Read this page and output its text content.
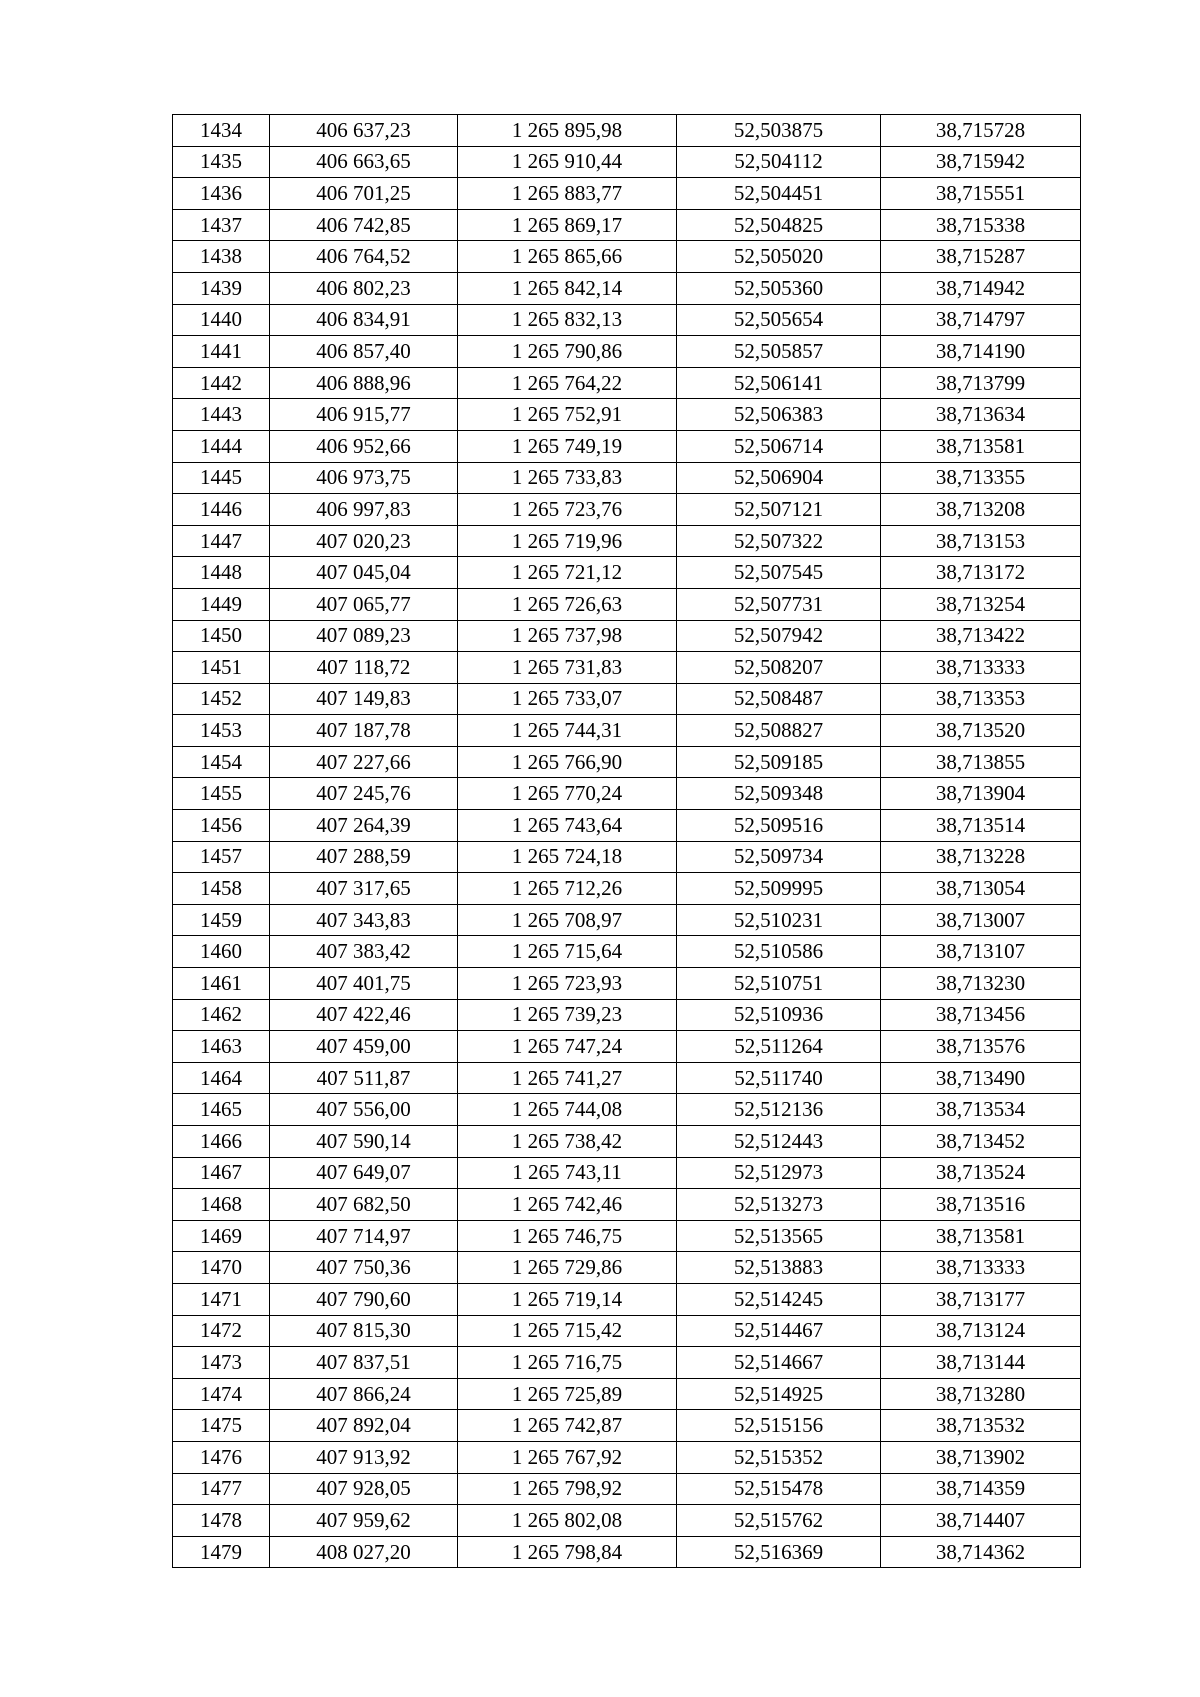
1434	406 637,23	1 265 895,98	52,503875	38,715728
1435	406 663,65	1 265 910,44	52,504112	38,715942
1436	406 701,25	1 265 883,77	52,504451	38,715551
1437	406 742,85	1 265 869,17	52,504825	38,715338
1438	406 764,52	1 265 865,66	52,505020	38,715287
1439	406 802,23	1 265 842,14	52,505360	38,714942
1440	406 834,91	1 265 832,13	52,505654	38,714797
1441	406 857,40	1 265 790,86	52,505857	38,714190
1442	406 888,96	1 265 764,22	52,506141	38,713799
1443	406 915,77	1 265 752,91	52,506383	38,713634
1444	406 952,66	1 265 749,19	52,506714	38,713581
1445	406 973,75	1 265 733,83	52,506904	38,713355
1446	406 997,83	1 265 723,76	52,507121	38,713208
1447	407 020,23	1 265 719,96	52,507322	38,713153
1448	407 045,04	1 265 721,12	52,507545	38,713172
1449	407 065,77	1 265 726,63	52,507731	38,713254
1450	407 089,23	1 265 737,98	52,507942	38,713422
1451	407 118,72	1 265 731,83	52,508207	38,713333
1452	407 149,83	1 265 733,07	52,508487	38,713353
1453	407 187,78	1 265 744,31	52,508827	38,713520
1454	407 227,66	1 265 766,90	52,509185	38,713855
1455	407 245,76	1 265 770,24	52,509348	38,713904
1456	407 264,39	1 265 743,64	52,509516	38,713514
1457	407 288,59	1 265 724,18	52,509734	38,713228
1458	407 317,65	1 265 712,26	52,509995	38,713054
1459	407 343,83	1 265 708,97	52,510231	38,713007
1460	407 383,42	1 265 715,64	52,510586	38,713107
1461	407 401,75	1 265 723,93	52,510751	38,713230
1462	407 422,46	1 265 739,23	52,510936	38,713456
1463	407 459,00	1 265 747,24	52,511264	38,713576
1464	407 511,87	1 265 741,27	52,511740	38,713490
1465	407 556,00	1 265 744,08	52,512136	38,713534
1466	407 590,14	1 265 738,42	52,512443	38,713452
1467	407 649,07	1 265 743,11	52,512973	38,713524
1468	407 682,50	1 265 742,46	52,513273	38,713516
1469	407 714,97	1 265 746,75	52,513565	38,713581
1470	407 750,36	1 265 729,86	52,513883	38,713333
1471	407 790,60	1 265 719,14	52,514245	38,713177
1472	407 815,30	1 265 715,42	52,514467	38,713124
1473	407 837,51	1 265 716,75	52,514667	38,713144
1474	407 866,24	1 265 725,89	52,514925	38,713280
1475	407 892,04	1 265 742,87	52,515156	38,713532
1476	407 913,92	1 265 767,92	52,515352	38,713902
1477	407 928,05	1 265 798,92	52,515478	38,714359
1478	407 959,62	1 265 802,08	52,515762	38,714407
1479	408 027,20	1 265 798,84	52,516369	38,714362
